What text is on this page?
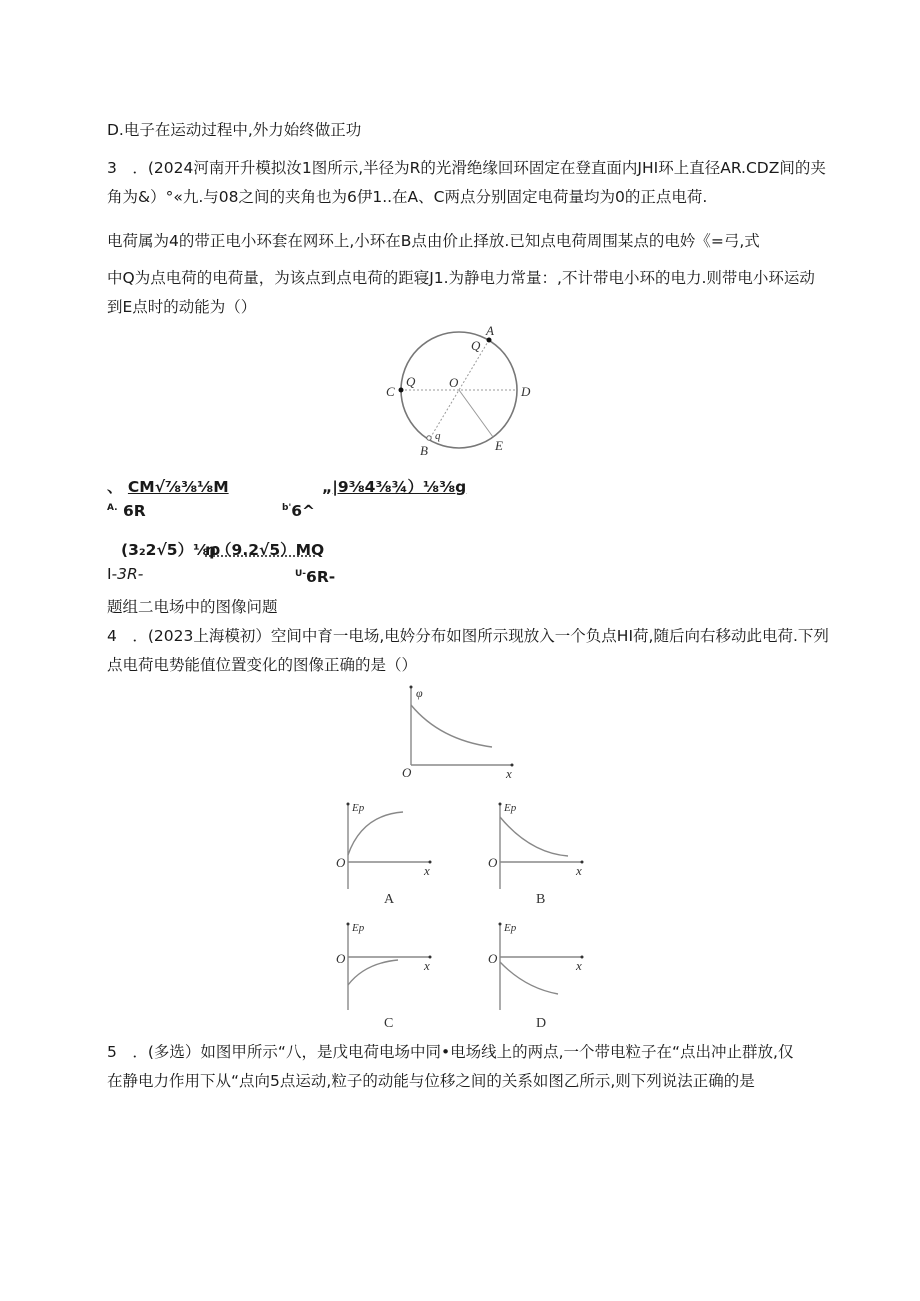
D.电子在运动过程中,外力始终做正功
3　．(2024河南开升模拟汝1图所示,半径为R的光滑绝缘回环固定在登直面内JHI环上直径AR.CDZ间的夹
角为&）°«九.与08之间的夹角也为6伊1..在A、C两点分别固定电荷量均为0的正点电荷.
电荷属为4的带正电小环套在网环上,小环在B点由价止择放.已知点电荷周围某点的电妗《=弓,式
中Q为点电荷的电荷量，为该点到点电荷的距寝J1.为静电力常量：,不计带电小环的电力.则带电小环运动
到E点时的动能为（）
A
Q
C
Q	O
D
B
q
E
、 CM√⅞⅜⅛M	„|9⅜4⅜¾）⅛⅜g
$^{A.}$ 6R	$^{b'}$6^
(3₂2√5）⅛ρ
n（9.2√5）MQ
I-3R-	$^{U-}$6R-
题组二电场中的图像问题
4　．(2023上海模初）空间中育一电场,电妗分布如图所示现放入一个负点HI荷,随后向右移动此电荷.下列
点电荷电势能值位置变化的图像正确的是（）
φ
O	x
Ep
O
x
Ep
O
x
Ep
O	x
Ep
O	x
A	B
C	D
5　．(多选）如图甲所示“八，是戊电荷电场中同•电场线上的两点,一个带电粒子在“点出冲止群放,仅
在静电力作用下从“点向5点运动,粒子的动能与位移之间的关系如图乙所示,则下列说法正确的是
